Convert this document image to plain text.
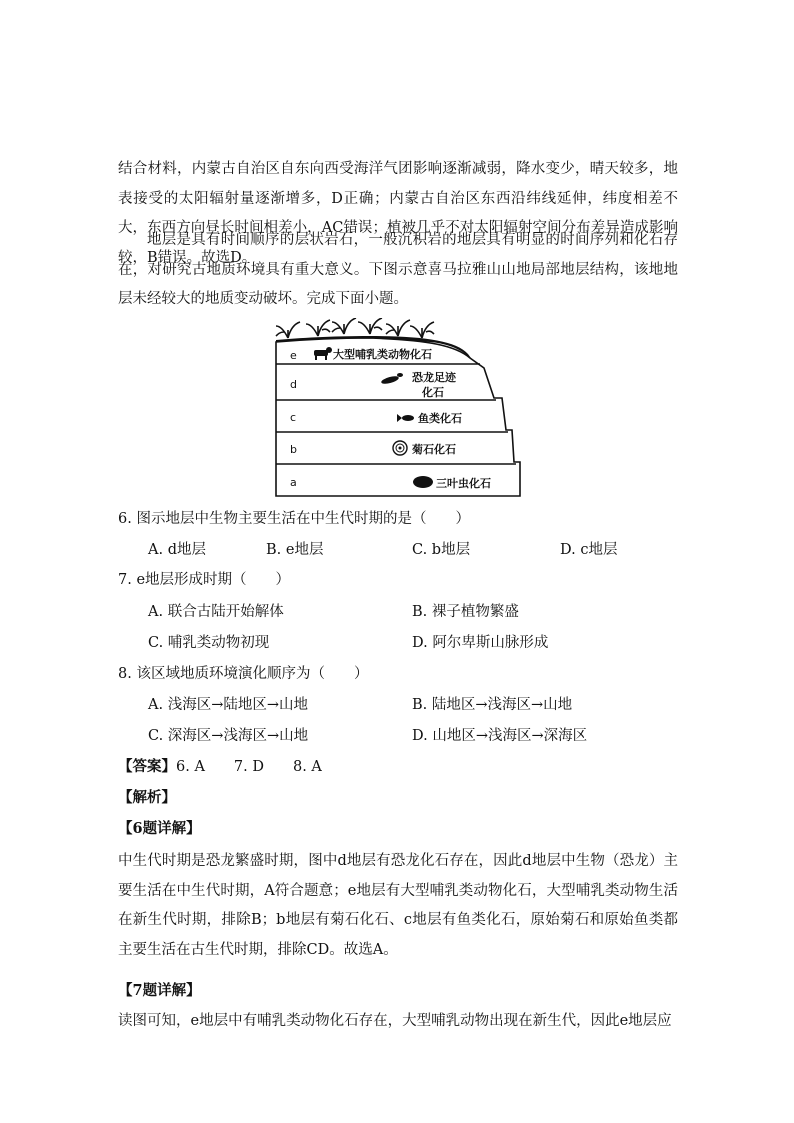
结合材料，内蒙古自治区自东向西受海洋气团影响逐渐减弱，降水变少，晴天较多，地表接受的太阳辐射量逐渐增多，D正确；内蒙古自治区东西沿纬线延伸，纬度相差不大，东西方向昼长时间相差小，AC错误；植被几乎不对太阳辐射空间分布差异造成影响较，B错误。故选D。

地层是具有时间顺序的层状岩石，一般沉积岩的地层具有明显的时间序列和化石存在，对研究古地质环境具有重大意义。下图示意喜马拉雅山山地局部地层结构，该地地层未经较大的地质变动破坏。完成下面小题。

e	大型哺乳类动物化石
d
恐龙足迹
化石
c	鱼类化石
b	菊石化石
a	三叶虫化石

6. 图示地层中生物主要生活在中生代时期的是（　　）

A. d地层	B. e地层	C. b地层	D. c地层

7. e地层形成时期（　　）

A. 联合古陆开始解体	B. 裸子植物繁盛

C. 哺乳类动物初现	D. 阿尔卑斯山脉形成

8. 该区域地质环境演化顺序为（　　）

A. 浅海区→陆地区→山地	B. 陆地区→浅海区→山地

C. 深海区→浅海区→山地	D. 山地区→浅海区→深海区

【答案】6. A　　7. D　　8. A

【解析】

【6题详解】

中生代时期是恐龙繁盛时期，图中d地层有恐龙化石存在，因此d地层中生物（恐龙）主要生活在中生代时期，A符合题意；e地层有大型哺乳类动物化石，大型哺乳类动物生活在新生代时期，排除B；b地层有菊石化石、c地层有鱼类化石，原始菊石和原始鱼类都主要生活在古生代时期，排除CD。故选A。

【7题详解】

读图可知，e地层中有哺乳类动物化石存在，大型哺乳动物出现在新生代，因此e地层应
